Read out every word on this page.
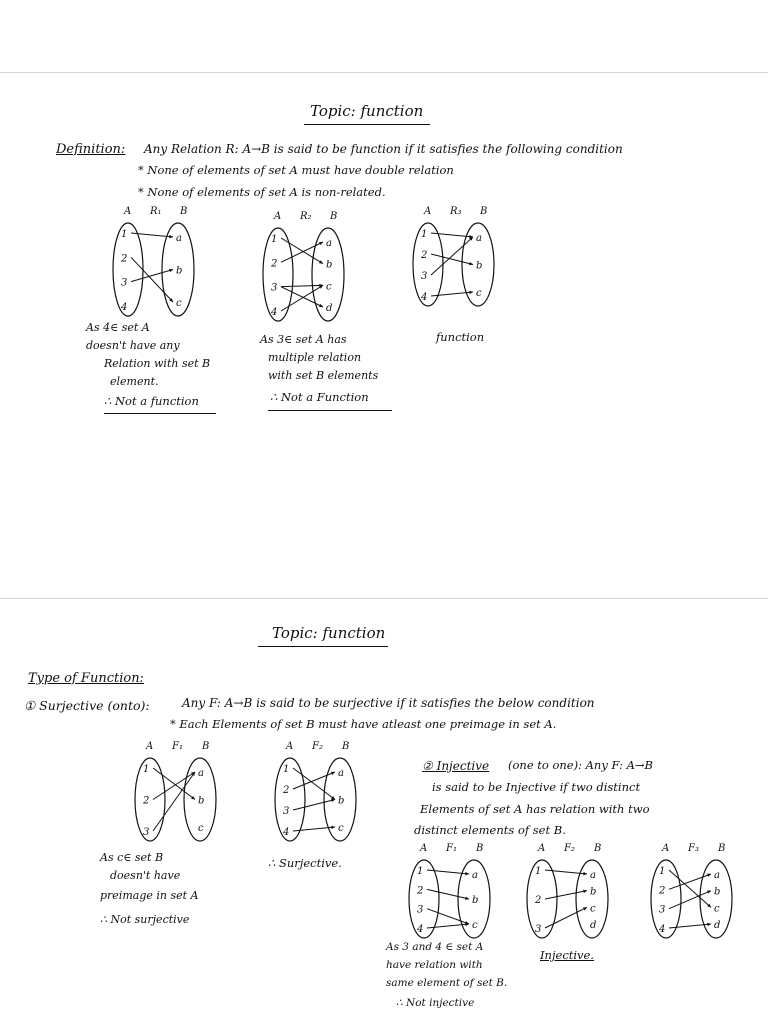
Topic: function
Definition: Any Relation R: A→B is said to be function if it satisfies the following condition
* None of elements of set A must have double relation
* None of elements of set A is non-related.
A R₁ B
1
2
3
4
a
b
c
A R₂ B
1
2
3
4
a
b
c
d
A R₃ B
1
2
3
4
a
b
c
As 4∈ set A
doesn't have any
Relation with set B
element.
∴ Not a function
As 3∈ set A has
multiple relation
with set B elements
∴ Not a Function
function
Topic: function
Type of Function:
① Surjective (onto):	Any F: A→B is said to be surjective if it satisfies the below condition
* Each Elements of set B must have atleast one preimage in set A.
A F₁ B
1
2
3
a
b
c
A F₂ B
1
2
3
4
a
b
c
② Injective (one to one): Any F: A→B
is said to be Injective if two distinct
Elements of set A has relation with two
distinct elements of set B.
A F₁ B
1
2
3
4
a
b
c
A F₂ B
1
2
3
a
b
c
d
A F₃ B
1
2
3
4
a
b
c
d
As c∈ set B
doesn't have
preimage in set A
∴ Not surjective
∴ Surjective.
As 3 and 4 ∈ set A
have relation with
same element of set B.
∴ Not injective
Injective.
